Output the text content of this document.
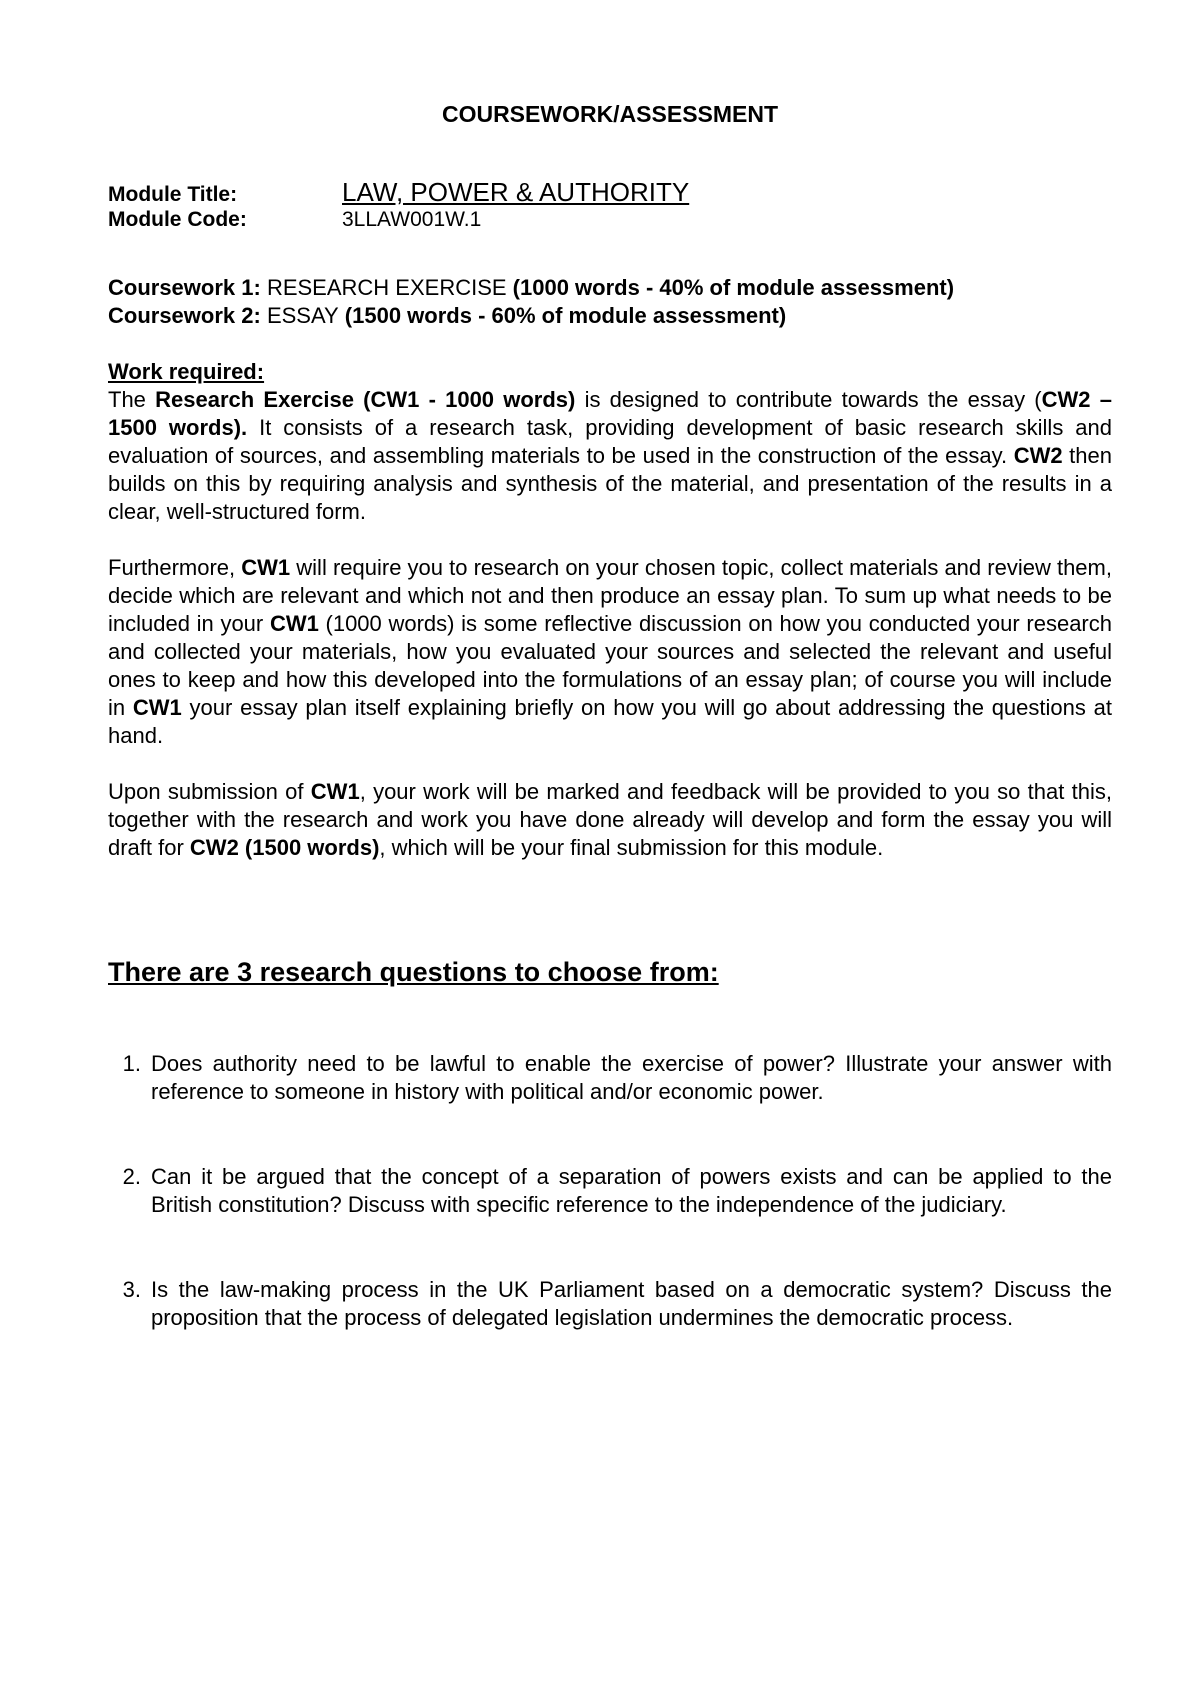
COURSEWORK/ASSESSMENT
Module Title:	LAW, POWER & AUTHORITY
Module Code:	3LLAW001W.1
Coursework 1: RESEARCH EXERCISE (1000 words - 40% of module assessment)
Coursework 2: ESSAY (1500 words - 60% of module assessment)
Work required:

The Research Exercise (CW1 - 1000 words) is designed to contribute towards the essay (CW2 – 1500 words). It consists of a research task, providing development of basic research skills and evaluation of sources, and assembling materials to be used in the construction of the essay. CW2 then builds on this by requiring analysis and synthesis of the material, and presentation of the results in a clear, well-structured form.

Furthermore, CW1 will require you to research on your chosen topic, collect materials and review them, decide which are relevant and which not and then produce an essay plan. To sum up what needs to be included in your CW1 (1000 words) is some reflective discussion on how you conducted your research and collected your materials, how you evaluated your sources and selected the relevant and useful ones to keep and how this developed into the formulations of an essay plan; of course you will include in CW1 your essay plan itself explaining briefly on how you will go about addressing the questions at hand.

Upon submission of CW1, your work will be marked and feedback will be provided to you so that this, together with the research and work you have done already will develop and form the essay you will draft for CW2 (1500 words), which will be your final submission for this module.

There are 3 research questions to choose from:
1. Does authority need to be lawful to enable the exercise of power? Illustrate your answer with reference to someone in history with political and/or economic power.
2. Can it be argued that the concept of a separation of powers exists and can be applied to the British constitution? Discuss with specific reference to the independence of the judiciary.
3. Is the law-making process in the UK Parliament based on a democratic system? Discuss the proposition that the process of delegated legislation undermines the democratic process.
